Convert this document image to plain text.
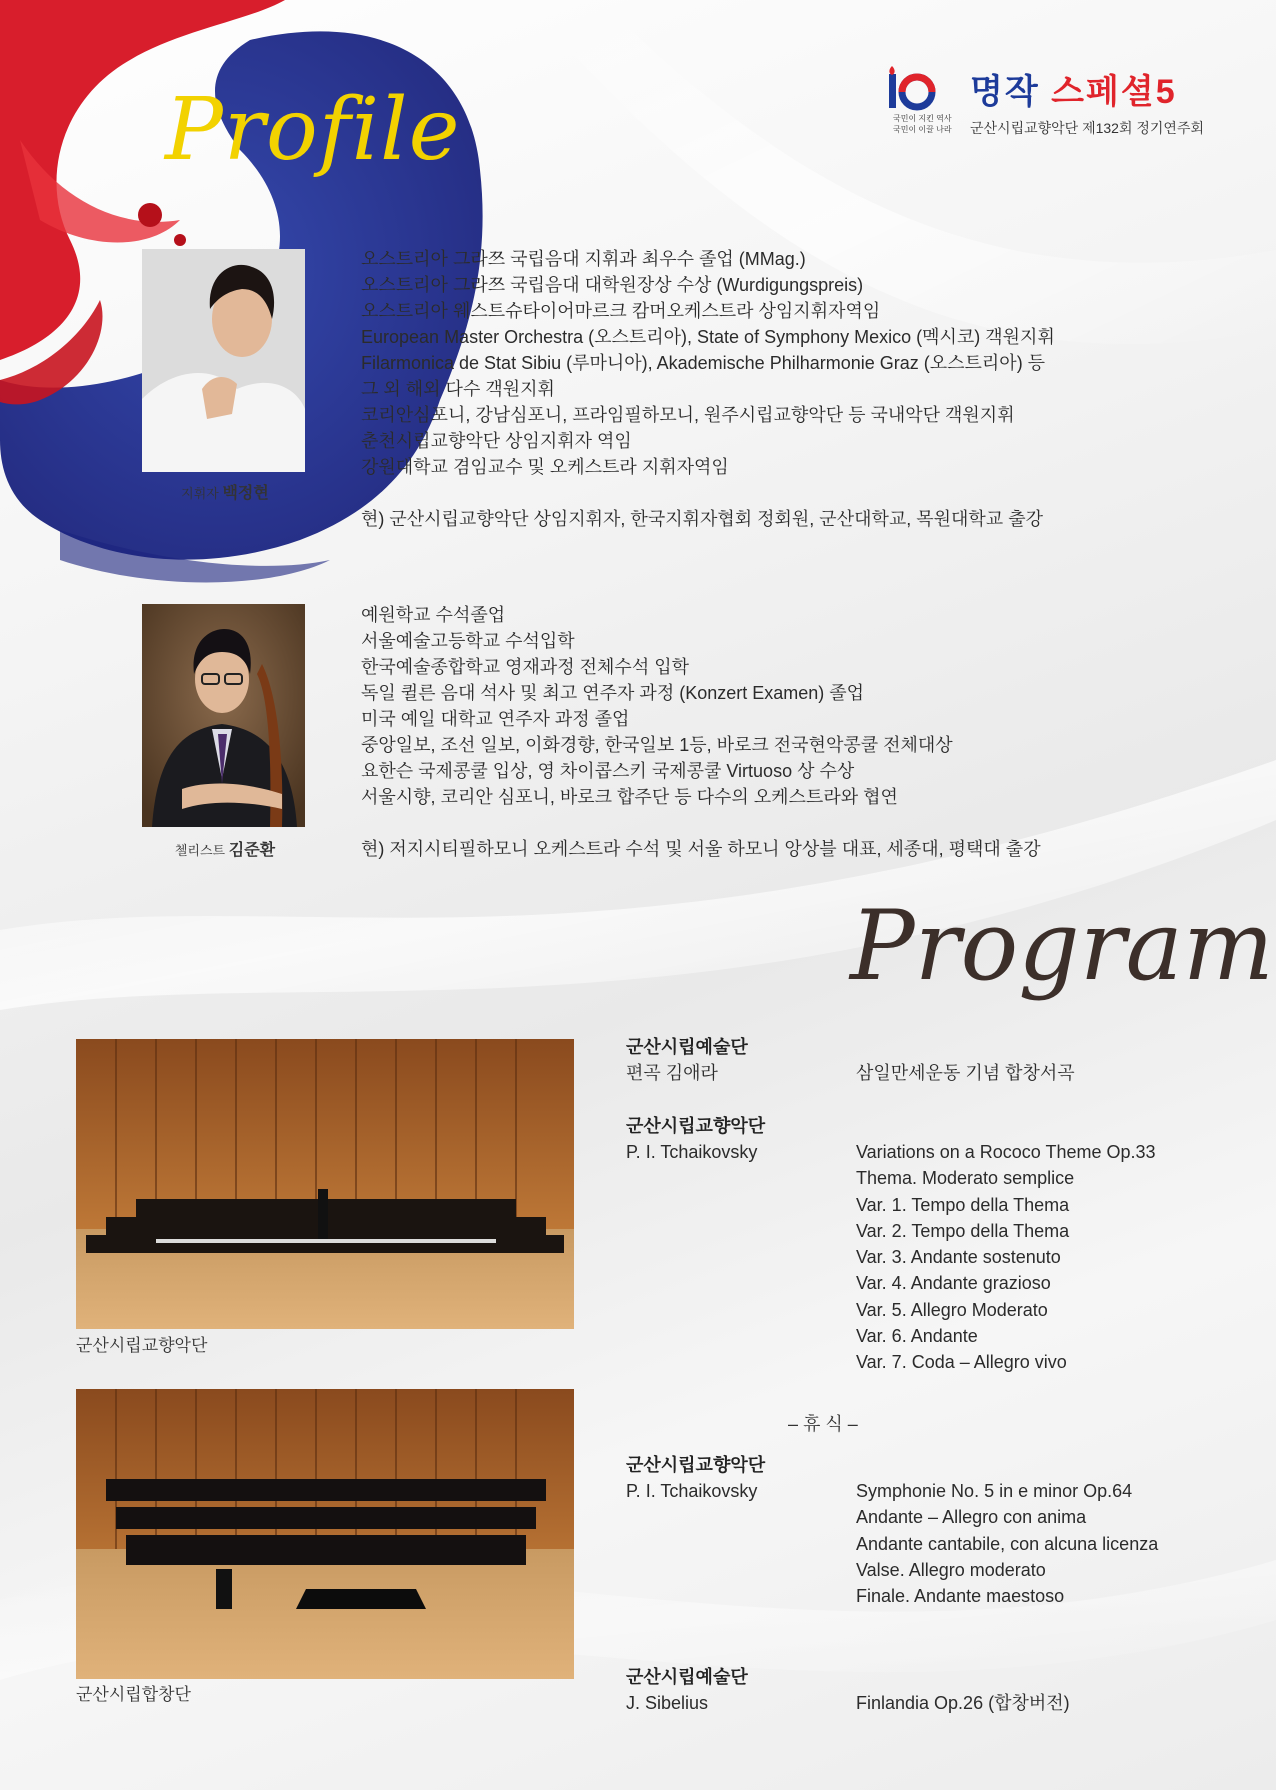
국민이 지킨 역사
국민이 이끌 나라
명작 스페셜5
군산시립교향악단 제132회 정기연주회
Profile
지휘자 백정현
오스트리아 그라쯔 국립음대 지휘과 최우수 졸업 (MMag.)
오스트리아 그라쯔 국립음대 대학원장상 수상 (Wurdigungspreis)
오스트리아 웨스트슈타이어마르크 캄머오케스트라 상임지휘자역임
European Master Orchestra (오스트리아), State of Symphony Mexico (멕시코) 객원지휘
Filarmonica de Stat Sibiu (루마니아), Akademische Philharmonie Graz (오스트리아) 등
그 외 해외 다수 객원지휘
코리안심포니, 강남심포니, 프라임필하모니, 원주시립교향악단 등 국내악단 객원지휘
춘천시립교향악단 상임지휘자 역임
강원대학교 겸임교수 및 오케스트라 지휘자역임
현) 군산시립교향악단 상임지휘자, 한국지휘자협회 정회원, 군산대학교, 목원대학교 출강
첼리스트 김준환
예원학교 수석졸업
서울예술고등학교 수석입학
한국예술종합학교 영재과정 전체수석 입학
독일 퀼른 음대 석사 및 최고 연주자 과정 (Konzert Examen) 졸업
미국 예일 대학교 연주자 과정 졸업
중앙일보, 조선 일보, 이화경향, 한국일보 1등, 바로크 전국현악콩쿨 전체대상
요한슨 국제콩쿨 입상, 영 차이콥스키 국제콩쿨 Virtuoso 상 수상
서울시향, 코리안 심포니, 바로크 합주단 등 다수의 오케스트라와 협연
현) 저지시티필하모니 오케스트라 수석 및 서울 하모니 앙상블 대표, 세종대, 평택대 출강
Program
군산시립교향악단
군산시립합창단
군산시립예술단
편곡 김애라	삼일만세운동 기념 합창서곡
군산시립교향악단
P. I. Tchaikovsky	Variations on a Rococo Theme Op.33
Thema. Moderato semplice
Var. 1. Tempo della Thema
Var. 2. Tempo della Thema
Var. 3. Andante sostenuto
Var. 4. Andante grazioso
Var. 5. Allegro Moderato
Var. 6. Andante
Var. 7. Coda – Allegro vivo
– 휴 식 –
군산시립교향악단
P. I. Tchaikovsky	Symphonie No. 5 in e minor Op.64
Andante – Allegro con anima
Andante cantabile, con alcuna licenza
Valse. Allegro moderato
Finale. Andante maestoso
군산시립예술단
J. Sibelius	Finlandia Op.26 (합창버전)
